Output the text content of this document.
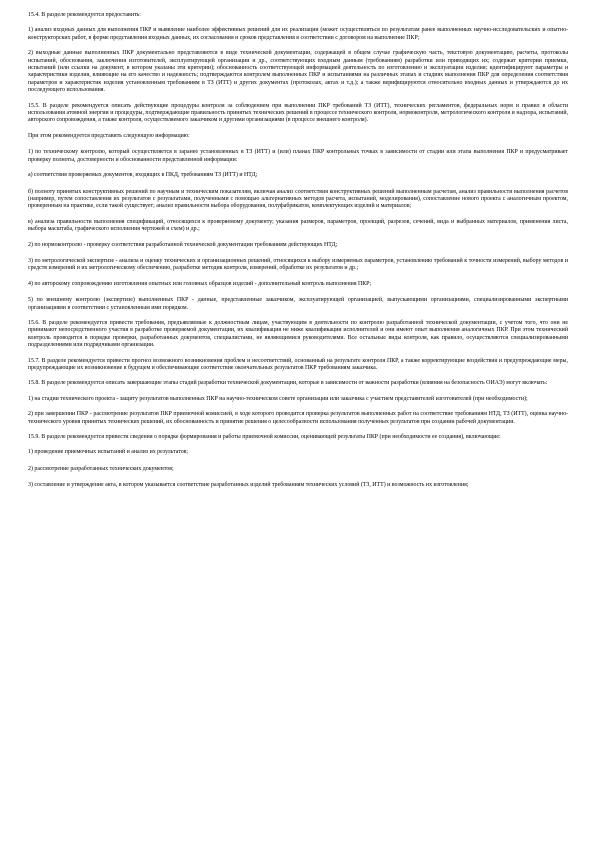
15.4. В разделе рекомендуется предоставить:

1) анализ входных данных для выполнения ПКР и выявление наиболее эффективных решений для их реализации (может осуществляться по результатам ранее выполненных научно-исследовательских и опытно-конструкторских работ, в форме представления входных данных, их согласования и сроков представления в соответствии с договором на выполнение ПКР;

2) выходные данные выполненных ПКР документально представляются в виде технической документации, содержащей в общем случае графическую часть, текстовую документацию, расчеты, протоколы испытаний, обоснования, заключения изготовителей, эксплуатирующей организации и др., соответствующих входным данным (требованиям) разработки или приводящих их; содержат критерии приемки, испытаний (или ссылки на документ, в котором указаны эти критерии); обоснованность соответствующей информацией деятельность по изготовлению и эксплуатации изделия; идентифицируют параметры и характеристики изделия, влияющие на его качество и надежность; подтверждаются контролем выполненных ПКР и испытаниями на различных этапах и стадиях выполнения ПКР для определения соответствия параметров и характеристик изделия установленным требованиям в ТЗ (ИТТ) и других документах (протоколах, актах и т.д.); а также верифицируются относительно входных данных и утверждаются до их последующего использования.

15.5. В разделе рекомендуется описать действующие процедуры контроля за соблюдением при выполнении ПКР требований ТЗ (ИТТ), технических регламентов, федеральных норм и правил в области использования атомной энергии и процедуры, подтверждающие правильность принятых технических решений в процессе технического контроля, нормоконтроля, метрологического контроля и надзора, испытаний, авторского сопровождения, а также контроля, осуществляемого заказчиком и другими организациями (в процессе внешнего контроля).

При этом рекомендуется представить следующую информацию:

1) по техническому контролю, который осуществляется в заранее установленных в ТЗ (ИТТ) и (или) планах ПКР контрольных точках в зависимости от стадии или этапа выполнения ПКР и предусматривает проверку полноты, достоверности и обоснованности представленной информации:

а) соответствия проверяемых документов, входящих в ПКД, требованиям ТЗ (ИТТ) и НТД;

б) полноту принятых конструктивных решений по научным и техническим показателям, включая анализ соответствия конструктивных решений выполненным расчетам, анализ правильности выполнения расчетов (например, путем сопоставления их результатов с результатами, полученными с помощью альтернативных методов расчета, испытаний, моделирования), сопоставление нового проекта с аналогичным проектом, проверенным на практике, если такой существует; анализ правильности выбора оборудования, полуфабрикатов, комплектующих изделий и материалов;

в) анализа правильности выполнения спецификаций, относящихся к проверяемому документу; указания размеров, параметров, проекций, разрезов, сечений, вида и выбранных материалов, применения листа, выбора масштаба, графического исполнения чертежей и схем) и др.;

2) по нормоконтролю - проверку соответствия разработанной технической документации требованиям действующих НТД;

3) по метрологической экспертизе - анализа и оценку технических и организационных решений, относящихся к выбору измеряемых параметров, установлению требований к точности измерений, выбору методов и средств измерений и их метрологическому обеспечению, разработке методик контроля, измерений, обработке их результатов и др.;

4) по авторскому сопровождению изготовления опытных или головных образцов изделий - дополнительный контроль выполнения ПКР;

5) по внешнему контролю (экспертизе) выполненных ПКР - данные, представленные заказчиком, эксплуатирующей организацией, выпускающими организациями, специализированными экспертными организациями в соответствии с установленным ими порядком.

15.6. В разделе рекомендуется привести требования, предъявляемые к должностным лицам, участвующим в деятельности по контролю разработанной технической документации, с учетом того, что они не принимают непосредственного участия в разработке проверяемой документации, их квалификация не ниже квалификации исполнителей и они имеют опыт выполнения аналогичных ПКР. При этом технический контроль проводится в порядке проверки, разработанных документов, специалистами, не являющимися руководителями. Все остальные виды контроля, как правило, осуществляются специализированными подразделениями или подрядчиками организации.

15.7. В разделе рекомендуется привести прогноз возможного возникновения проблем и несоответствий, основанный на результате контроля ПКР, а также корректирующие воздействия и предупреждающие меры, предупреждающие их возникновение в будущем и обеспечивающие соответствие окончательных результатов ПКР требованиям заказчика.

15.8. В разделе рекомендуется описать завершающие этапы стадий разработки технической документации, которые в зависимости от важности разработки (влияния на безопасность ОИАЭ) могут включать:

1) на стадии технического проекта - защиту результатов выполненных ПКР на научно-техническом совете организации или заказчика с участием представителей изготовителей (при необходимости);

2) при завершении ПКР - рассмотрение результатов ПКР приемочной комиссией, в ходе которого проводится проверка результатов выполненных работ на соответствие требованиям НТД, ТЗ (ИТТ), оценка научно-технического уровня принятых технических решений, их обоснованность и принятие решения о целесообразности использования полученных результатов при создании рабочей документации.

15.9. В разделе рекомендуется привести сведения о порядке формирования и работы приемочной комиссии, оценивающей результаты ПКР (при необходимости ее создания), включающие:

1) проведение приемочных испытаний и анализ их результатов;

2) рассмотрение разработанных технических документов;

3) составление и утверждение акта, в котором указывается соответствие разработанных изделий требованиям технических условий (ТЗ, ИТТ) и возможность их изготовления;
